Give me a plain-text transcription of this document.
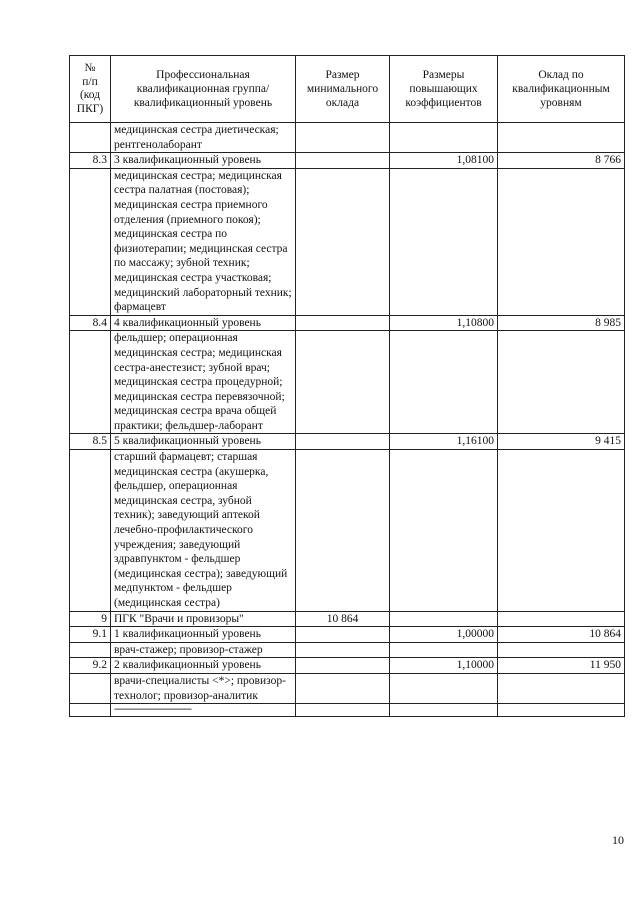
№
п/п
(код
ПКГ)	Профессиональная квалификационная группа/квалификационный уровень	Размер минимального оклада	Размеры повышающих коэффициентов	Оклад по квалификационным уровням
	медицинская сестра диетическая; рентгенолаборант			
8.3	3 квалификационный уровень		1,08100	8 766
	медицинская сестра; медицинская сестра палатная (постовая); медицинская сестра приемного отделения (приемного покоя); медицинская сестра по физиотерапии; медицинская сестра по массажу; зубной техник; медицинская сестра участковая; медицинский лабораторный техник; фармацевт			
8.4	4 квалификационный уровень		1,10800	8 985
	фельдшер; операционная медицинская сестра; медицинская сестра-анестезист; зубной врач; медицинская сестра процедурной; медицинская сестра перевязочной; медицинская сестра врача общей практики; фельдшер-лаборант			
8.5	5 квалификационный уровень		1,16100	9 415
	старший фармацевт; старшая медицинская сестра (акушерка, фельдшер, операционная медицинская сестра, зубной техник); заведующий аптекой лечебно-профилактического учреждения; заведующий здравпунктом - фельдшер (медицинская сестра); заведующий медпунктом - фельдшер (медицинская сестра)			
9	ПГК "Врачи и провизоры"	10 864		
9.1	1 квалификационный уровень		1,00000	10 864
	врач-стажер; провизор-стажер			
9.2	2 квалификационный уровень		1,10000	11 950
	врачи-специалисты <*>; провизор-технолог; провизор-аналитик			

	---------------------------------			

10
